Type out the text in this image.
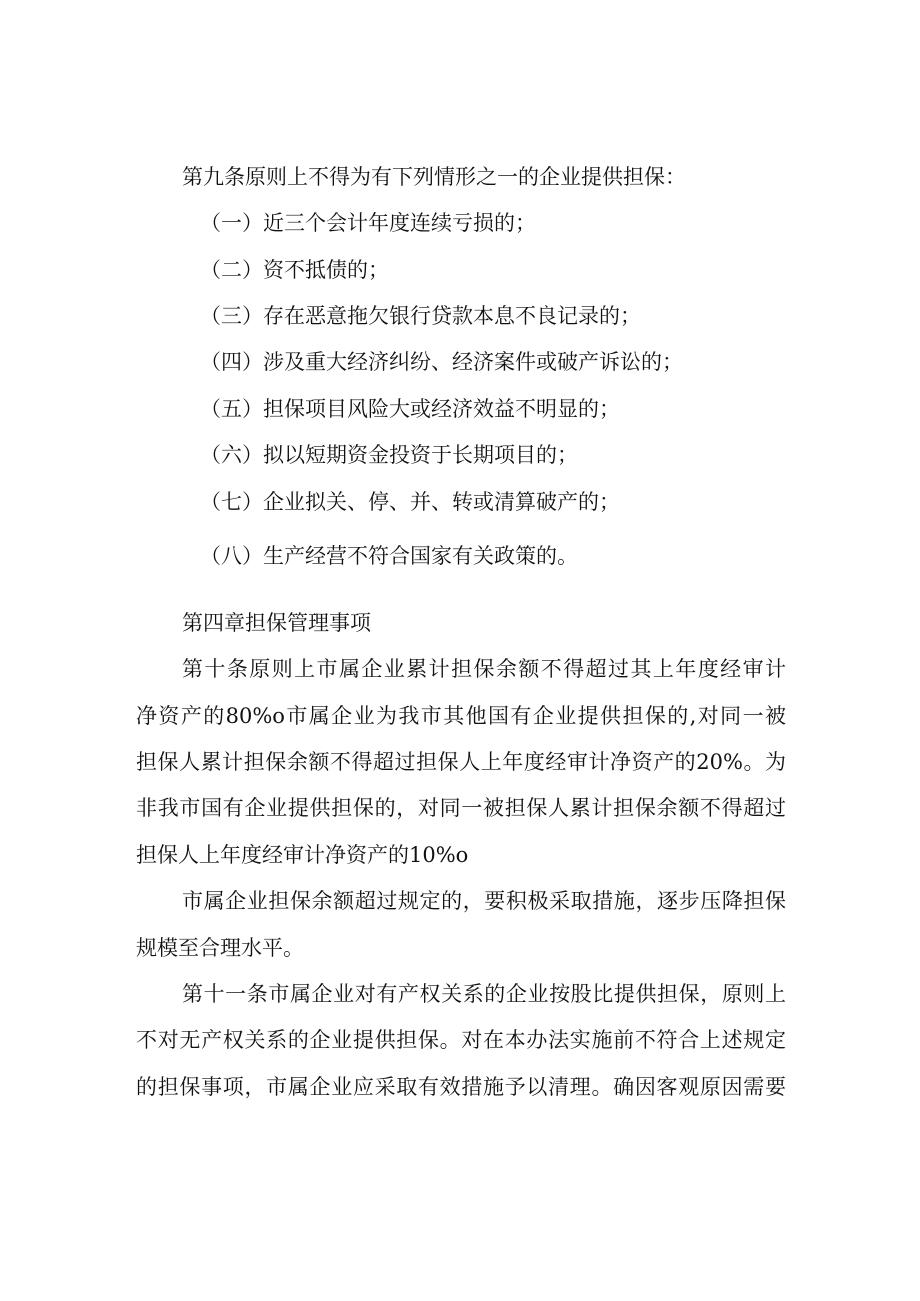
第九条原则上不得为有下列情形之一的企业提供担保：
（一）近三个会计年度连续亏损的；
（二）资不抵债的；
（三）存在恶意拖欠银行贷款本息不良记录的；
（四）涉及重大经济纠纷、经济案件或破产诉讼的；
（五）担保项目风险大或经济效益不明显的；
（六）拟以短期资金投资于长期项目的；
（七）企业拟关、停、并、转或清算破产的；
（八）生产经营不符合国家有关政策的。
第四章担保管理事项
第十条原则上市属企业累计担保余额不得超过其上年度经审计
净资产的80%o市属企业为我市其他国有企业提供担保的,对同一被
担保人累计担保余额不得超过担保人上年度经审计净资产的20%。为
非我市国有企业提供担保的，对同一被担保人累计担保余额不得超过
担保人上年度经审计净资产的10%o
市属企业担保余额超过规定的，要积极采取措施，逐步压降担保
规模至合理水平。
第十一条市属企业对有产权关系的企业按股比提供担保，原则上
不对无产权关系的企业提供担保。对在本办法实施前不符合上述规定
的担保事项，市属企业应采取有效措施予以清理。确因客观原因需要
